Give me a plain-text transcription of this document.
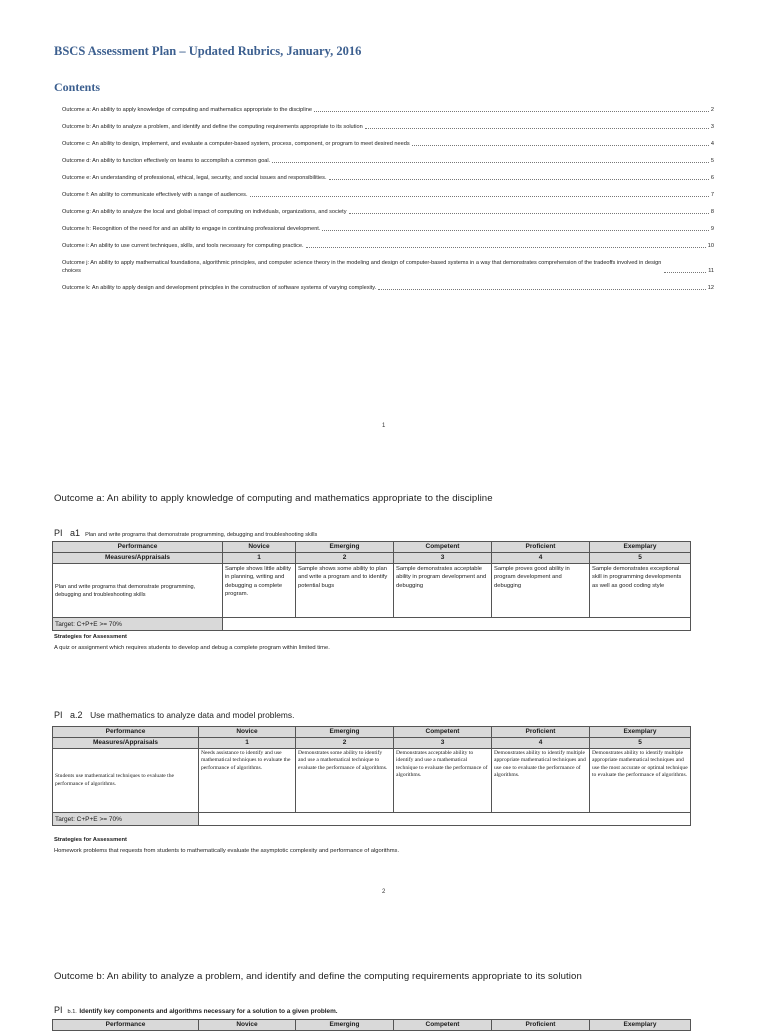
BSCS Assessment Plan – Updated Rubrics, January, 2016
Contents
Outcome a: An ability to apply knowledge of computing and mathematics appropriate to the discipline	2
Outcome b: An ability to analyze a problem, and identify and define the computing requirements appropriate to its solution	3
Outcome c: An ability to design, implement, and evaluate a computer-based system, process, component, or program to meet desired needs	4
Outcome d: An ability to function effectively on teams to accomplish a common goal.	5
Outcome e: An understanding of professional, ethical, legal, security, and social issues and responsibilities.	6
Outcome f: An ability to communicate effectively with a range of audiences.	7
Outcome g: An ability to analyze the local and global impact of computing on individuals, organizations, and society	8
Outcome h: Recognition of the need for and an ability to engage in continuing professional development.	9
Outcome i: An ability to use current techniques, skills, and tools necessary for computing practice.	10
Outcome j: An ability to apply mathematical foundations, algorithmic principles, and computer science theory in the modeling and design of computer-based systems in a way that demonstrates comprehension of the tradeoffs involved in design choices	11
Outcome k: An ability to apply design and development principles in the construction of software systems of varying complexity.	12
1
Outcome a: An ability to apply knowledge of computing and mathematics appropriate to the discipline
PI a1 Plan and write programs that demonstrate programming, debugging and troubleshooting skills
Performance	Novice	Emerging	Competent	Proficient	Exemplary
Measures/Appraisals	1	2	3	4	5
Plan and write programs that demonstrate programming, debugging and troubleshooting skills	Sample shows little ability in planning, writing and debugging a complete program.	Sample shows some ability to plan and write a program and to identify potential bugs	Sample demonstrates acceptable ability in program development and debugging	Sample proves good ability in program development and debugging	Sample demonstrates exceptional skill in programming developments as well as good coding style
Target: C+P+E >= 70%					
Strategies for Assessment
A quiz or assignment which requires students to develop and debug a complete program within limited time.
PI a.2 Use mathematics to analyze data and model problems.
Performance	Novice	Emerging	Competent	Proficient	Exemplary
Measures/Appraisals	1	2	3	4	5
Students use mathematical techniques to evaluate the performance of algorithms.	Needs assistance to identify and use mathematical techniques to evaluate the performance of algorithms.	Demonstrates some ability to identify and use a mathematical technique to evaluate the performance of algorithms.	Demonstrates acceptable ability to identify and use a mathematical technique to evaluate the performance of algorithms.	Demonstrates ability to identify multiple appropriate mathematical techniques and use one to evaluate the performance of algorithms.	Demonstrates ability to identify multiple appropriate mathematical techniques and use the most accurate or optimal technique to evaluate the performance of algorithms.
Target: C+P+E >= 70%					
Strategies for Assessment
Homework problems that requests from students to mathematically evaluate the asymptotic complexity and performance of algorithms.
2
Outcome b: An ability to analyze a problem, and identify and define the computing requirements appropriate to its solution
PI b.1. Identify key components and algorithms necessary for a solution to a given problem.
Performance	Novice	Emerging	Competent	Proficient	Exemplary
